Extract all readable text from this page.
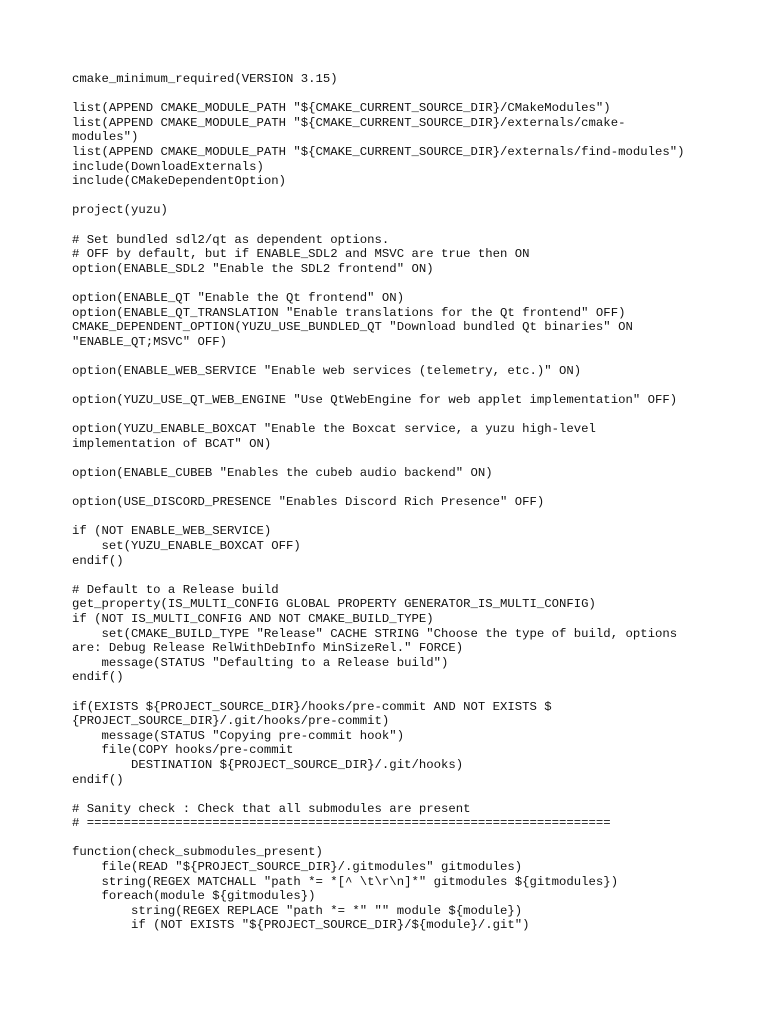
cmake_minimum_required(VERSION 3.15)
list(APPEND CMAKE_MODULE_PATH "${CMAKE_CURRENT_SOURCE_DIR}/CMakeModules")
list(APPEND CMAKE_MODULE_PATH "${CMAKE_CURRENT_SOURCE_DIR}/externals/cmake-
modules")
list(APPEND CMAKE_MODULE_PATH "${CMAKE_CURRENT_SOURCE_DIR}/externals/find-modules")
include(DownloadExternals)
include(CMakeDependentOption)
project(yuzu)
# Set bundled sdl2/qt as dependent options.
# OFF by default, but if ENABLE_SDL2 and MSVC are true then ON
option(ENABLE_SDL2 "Enable the SDL2 frontend" ON)
option(ENABLE_QT "Enable the Qt frontend" ON)
option(ENABLE_QT_TRANSLATION "Enable translations for the Qt frontend" OFF)
CMAKE_DEPENDENT_OPTION(YUZU_USE_BUNDLED_QT "Download bundled Qt binaries" ON
"ENABLE_QT;MSVC" OFF)
option(ENABLE_WEB_SERVICE "Enable web services (telemetry, etc.)" ON)
option(YUZU_USE_QT_WEB_ENGINE "Use QtWebEngine for web applet implementation" OFF)
option(YUZU_ENABLE_BOXCAT "Enable the Boxcat service, a yuzu high-level
implementation of BCAT" ON)
option(ENABLE_CUBEB "Enables the cubeb audio backend" ON)
option(USE_DISCORD_PRESENCE "Enables Discord Rich Presence" OFF)
if (NOT ENABLE_WEB_SERVICE)
set(YUZU_ENABLE_BOXCAT OFF)
endif()
# Default to a Release build
get_property(IS_MULTI_CONFIG GLOBAL PROPERTY GENERATOR_IS_MULTI_CONFIG)
if (NOT IS_MULTI_CONFIG AND NOT CMAKE_BUILD_TYPE)
set(CMAKE_BUILD_TYPE "Release" CACHE STRING "Choose the type of build, options
are: Debug Release RelWithDebInfo MinSizeRel." FORCE)
message(STATUS "Defaulting to a Release build")
endif()
if(EXISTS ${PROJECT_SOURCE_DIR}/hooks/pre-commit AND NOT EXISTS $
{PROJECT_SOURCE_DIR}/.git/hooks/pre-commit)
message(STATUS "Copying pre-commit hook")
file(COPY hooks/pre-commit
DESTINATION ${PROJECT_SOURCE_DIR}/.git/hooks)
endif()
# Sanity check : Check that all submodules are present
# =======================================================================
function(check_submodules_present)
file(READ "${PROJECT_SOURCE_DIR}/.gitmodules" gitmodules)
string(REGEX MATCHALL "path *= *[^ \t\r\n]*" gitmodules ${gitmodules})
foreach(module ${gitmodules})
string(REGEX REPLACE "path *= *" "" module ${module})
if (NOT EXISTS "${PROJECT_SOURCE_DIR}/${module}/.git")
